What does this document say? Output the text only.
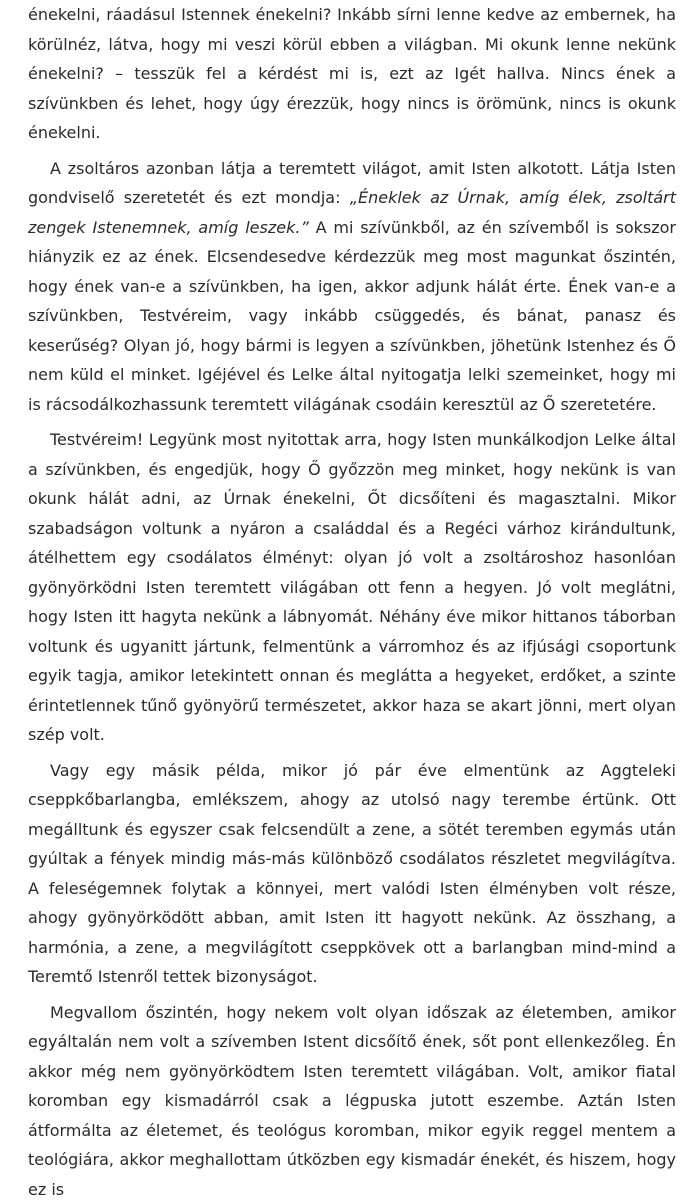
énekelni, ráadásul Istennek énekelni? Inkább sírni lenne kedve az embernek, ha körülnéz, látva, hogy mi veszi körül ebben a világban. Mi okunk lenne nekünk énekelni? – tesszük fel a kérdést mi is, ezt az Igét hallva. Nincs ének a szívünkben és lehet, hogy úgy érezzük, hogy nincs is örömünk, nincs is okunk énekelni.

A zsoltáros azonban látja a teremtett világot, amit Isten alkotott. Látja Isten gondviselő szeretetét és ezt mondja: „Éneklek az Úrnak, amíg élek, zsoltárt zengek Istenemnek, amíg leszek.” A mi szívünkből, az én szívemből is sokszor hiányzik ez az ének. Elcsendesedve kérdezzük meg most magunkat őszintén, hogy ének van-e a szívünkben, ha igen, akkor adjunk hálát érte. Ének van-e a szívünkben, Testvéreim, vagy inkább csüggedés, és bánat, panasz és keserűség? Olyan jó, hogy bármi is legyen a szívünkben, jöhetünk Istenhez és Ő nem küld el minket. Igéjével és Lelke által nyitogatja lelki szemeinket, hogy mi is rácsodálkozhassunk teremtett világának csodáin keresztül az Ő szeretetére.

Testvéreim! Legyünk most nyitottak arra, hogy Isten munkálkodjon Lelke által a szívünkben, és engedjük, hogy Ő győzzön meg minket, hogy nekünk is van okunk hálát adni, az Úrnak énekelni, Őt dicsőíteni és magasztalni. Mikor szabadságon voltunk a nyáron a családdal és a Regéci várhoz kirándultunk, átélhettem egy csodálatos élményt: olyan jó volt a zsoltároshoz hasonlóan gyönyörködni Isten teremtett világában ott fenn a hegyen. Jó volt meglátni, hogy Isten itt hagyta nekünk a lábnyomát. Néhány éve mikor hittanos táborban voltunk és ugyanitt jártunk, felmentünk a várromhoz és az ifjúsági csoportunk egyik tagja, amikor letekintett onnan és meglátta a hegyeket, erdőket, a szinte érintetlennek tűnő gyönyörű természetet, akkor haza se akart jönni, mert olyan szép volt.

Vagy egy másik példa, mikor jó pár éve elmentünk az Aggteleki cseppkőbarlangba, emlékszem, ahogy az utolsó nagy terembe értünk. Ott megálltunk és egyszer csak felcsendült a zene, a sötét teremben egymás után gyúltak a fények mindig más-más különböző csodálatos részletet megvilágítva. A feleségemnek folytak a könnyei, mert valódi Isten élményben volt része, ahogy gyönyörködött abban, amit Isten itt hagyott nekünk. Az összhang, a harmónia, a zene, a megvilágított cseppkövek ott a barlangban mind-mind a Teremtő Istenről tettek bizonyságot.

Megvallom őszintén, hogy nekem volt olyan időszak az életemben, amikor egyáltalán nem volt a szívemben Istent dicsőítő ének, sőt pont ellenkezőleg. Én akkor még nem gyönyörködtem Isten teremtett világában. Volt, amikor fiatal koromban egy kismadárról csak a légpuska jutott eszembe. Aztán Isten átformálta az életemet, és teológus koromban, mikor egyik reggel mentem a teológiára, akkor meghallottam útközben egy kismadár énekét, és hiszem, hogy ez is
